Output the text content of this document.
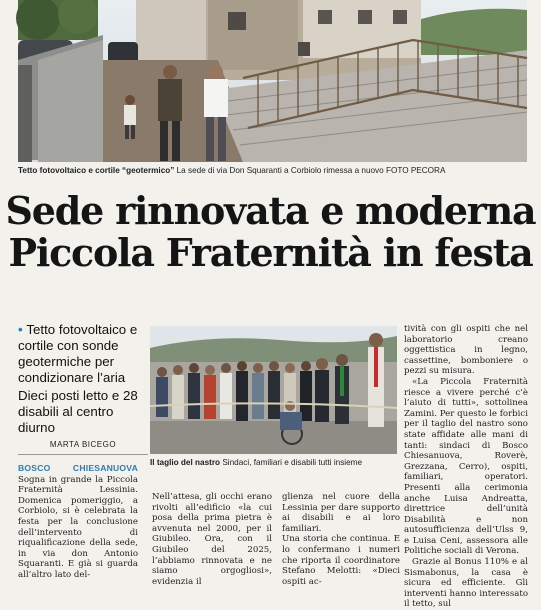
Tetto fotovoltaico e cortile “geotermico” La sede di via Don Squaranti a Corbiolo rimessa a nuovo FOTO PECORA
Sede rinnovata e moderna
Piccola Fraternità in festa

• Tetto fotovoltaico e cortile con sonde geotermiche per condizionare l’aria

Dieci posti letto e 28 disabili al centro diurno

MARTA BICEGO
Il taglio del nastro Sindaci, familiari e disabili tutti insieme

BOSCO CHIESANUOVA Sogna in grande la Piccola Fraternità Lessinia. Domenica pomeriggio, a Corbiolo, si è celebrata la festa per la conclusione dell’intervento di riqualificazione della sede, in via don Antonio Squaranti. E già si guarda all’altro lato del-

Nell’attesa, gli occhi erano rivolti all’edificio «la cui posa della prima pietra è avvenuta nel 2000, per il Giubileo. Ora, con il Giubileo del 2025, l’abbiamo rinnovata e ne siamo orgogliosi», evidenzia il

glienza nel cuore della Lessinia per dare supporto ai disabili e ai loro familiari.
Una storia che continua. E lo confermano i numeri che riporta il coordinatore Stefano Melotti: «Dieci ospiti ac-

tività con gli ospiti che nel laboratorio creano oggettistica in legno, cassettine, bomboniere o pezzi su misura.

«La Piccola Fraternità riesce a vivere perché c’è l’aiuto di tutti», sottolinea Zamini. Per questo le forbici per il taglio del nastro sono state affidate alle mani di tanti: sindaci di Bosco Chiesanuova, Roverè, Grezzana, Cerro), ospiti, familiari, operatori. Presenti alla cerimonia anche Luisa Andreatta, direttrice dell’unità Disabilità e non autosufficienza dell’Ulss 9, e Luisa Ceni, assessora alle Politiche sociali di Verona.

Grazie al Bonus 110% e al Sismabonus, la casa è sicura ed efficiente. Gli interventi hanno interessato il tetto, sul
